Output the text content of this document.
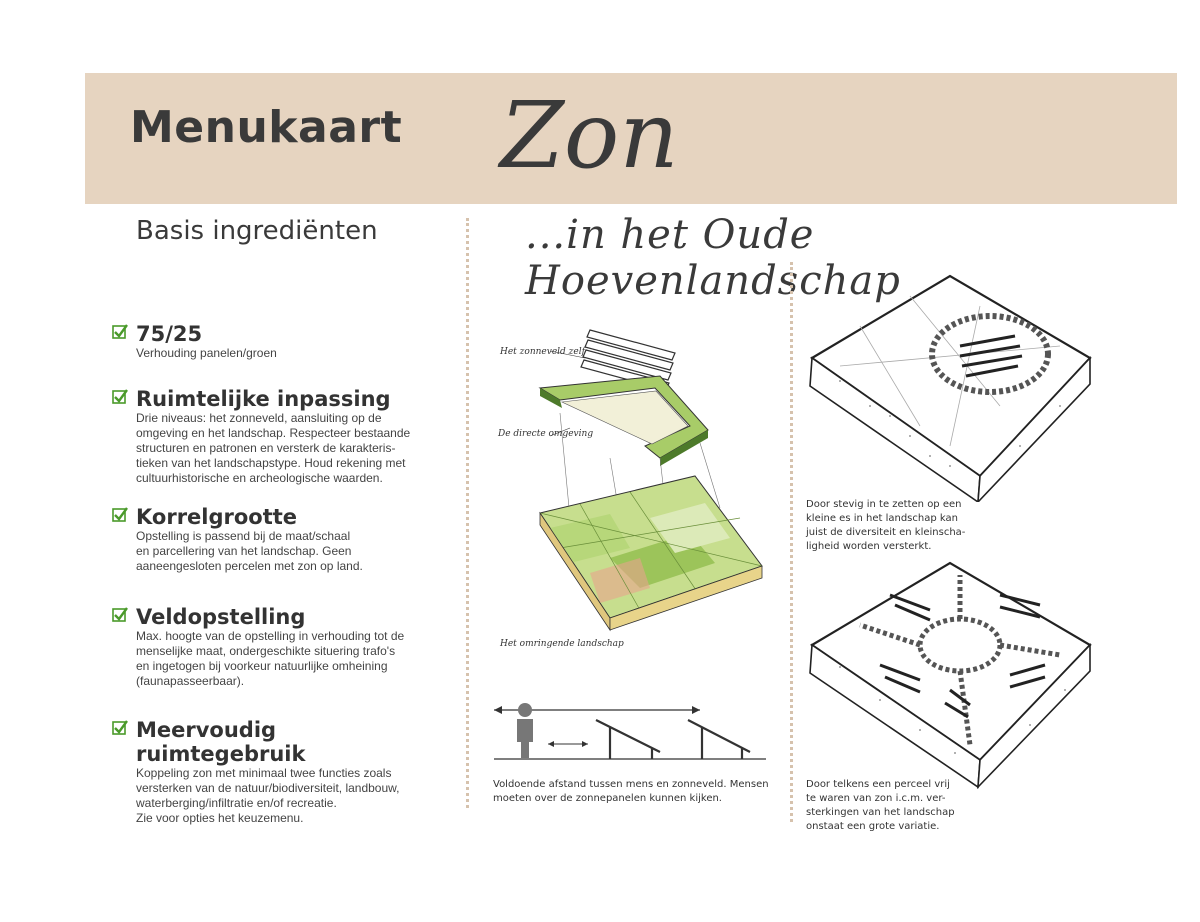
Menukaart Zon
...in het Oude Hoevenlandschap
Basis ingrediënten
75/25
Verhouding panelen/groen
Ruimtelijke inpassing
Drie niveaus: het zonneveld, aansluiting op de
omgeving en het landschap. Respecteer bestaande
structuren en patronen en versterk de karakteris-
tieken van het landschapstype. Houd rekening met
cultuurhistorische en archeologische waarden.
Korrelgrootte
Opstelling is passend bij de maat/schaal
en parcellering van het landschap. Geen
aaneengesloten percelen met zon op land.
Veldopstelling
Max. hoogte van de opstelling in verhouding tot de
menselijke maat, ondergeschikte situering trafo's
en ingetogen bij voorkeur natuurlijke omheining
(faunapasseerbaar).
Meervoudig ruimtegebruik
Koppeling zon met minimaal twee functies zoals
versterken van de natuur/biodiversiteit, landbouw,
waterberging/infiltratie en/of recreatie.
Zie voor opties het keuzemenu.
Het zonneveld zelf
De directe omgeving
Het omringende landschap
Voldoende afstand tussen mens en zonneveld. Mensen
moeten over de zonnepanelen kunnen kijken.
Door stevig in te zetten op een
kleine es in het landschap kan
juist de diversiteit en kleinscha-
ligheid worden versterkt.
Door telkens een perceel vrij
te waren van zon i.c.m. ver-
sterkingen van het landschap
onstaat een grote variatie.
